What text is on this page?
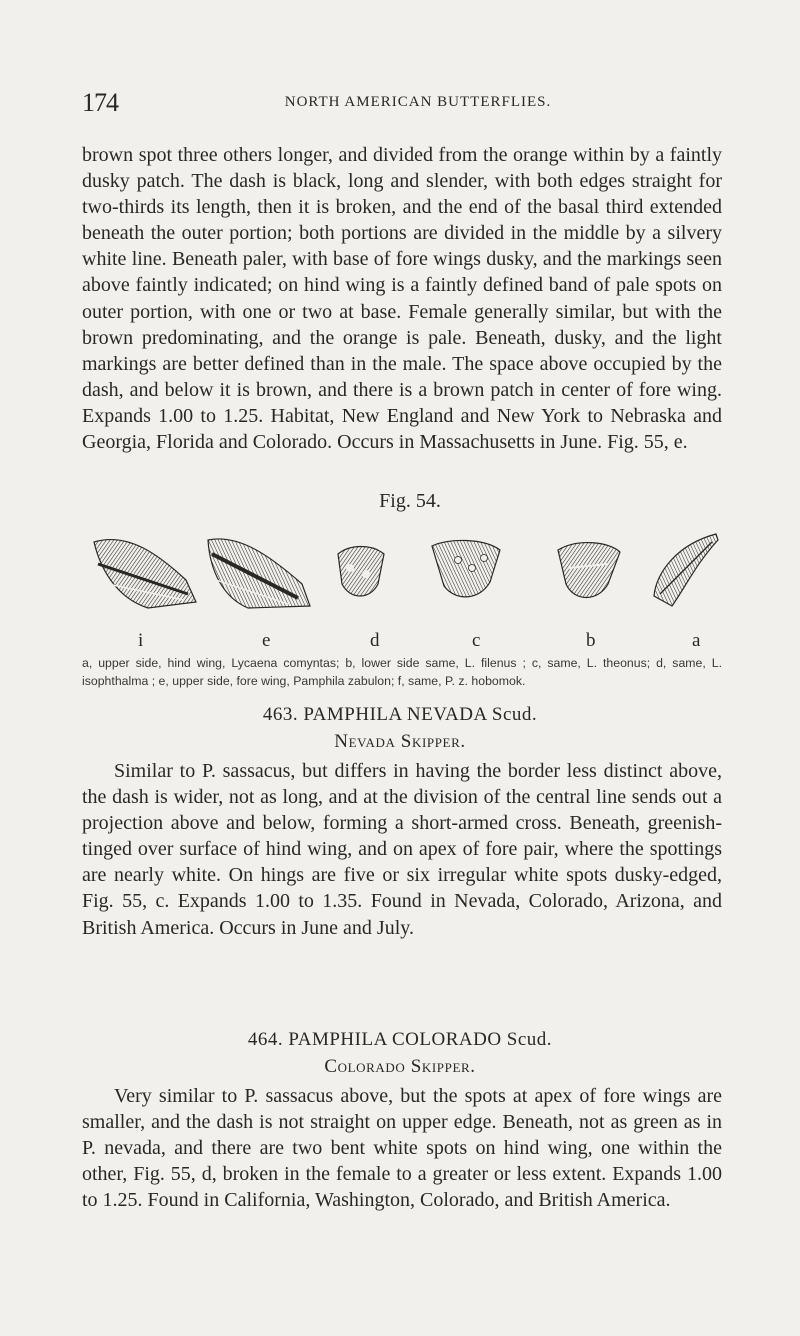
174	NORTH AMERICAN BUTTERFLIES.
brown spot three others longer, and divided from the orange within by a faintly dusky patch. The dash is black, long and slender, with both edges straight for two-thirds its length, then it is broken, and the end of the basal third extended beneath the outer portion; both portions are divided in the middle by a silvery white line. Beneath paler, with base of fore wings dusky, and the markings seen above faintly indicated; on hind wing is a faintly defined band of pale spots on outer portion, with one or two at base. Female generally similar, but with the brown predominating, and the orange is pale. Beneath, dusky, and the light markings are better defined than in the male. The space above occupied by the dash, and below it is brown, and there is a brown patch in center of fore wing. Expands 1.00 to 1.25. Habitat, New England and New York to Nebraska and Georgia, Florida and Colorado. Occurs in Massachusetts in June. Fig. 55, e.
Fig. 54.
i	e	d	c	b	a
a, upper side, hind wing, Lycaena comyntas; b, lower side same, L. filenus ; c, same, L. theonus; d, same, L. isophthalma ; e, upper side, fore wing, Pamphila zabulon; f, same, P. z. hobomok.
463. PAMPHILA NEVADA Scud.
Nevada Skipper.
Similar to P. sassacus, but differs in having the border less distinct above, the dash is wider, not as long, and at the division of the central line sends out a projection above and below, forming a short-armed cross. Beneath, greenish-tinged over surface of hind wing, and on apex of fore pair, where the spottings are nearly white. On hings are five or six irregular white spots dusky-edged, Fig. 55, c. Expands 1.00 to 1.35. Found in Nevada, Colorado, Arizona, and British America. Occurs in June and July.
464. PAMPHILA COLORADO Scud.
Colorado Skipper.
Very similar to P. sassacus above, but the spots at apex of fore wings are smaller, and the dash is not straight on upper edge. Beneath, not as green as in P. nevada, and there are two bent white spots on hind wing, one within the other, Fig. 55, d, broken in the female to a greater or less extent. Expands 1.00 to 1.25. Found in California, Washington, Colorado, and British America.
